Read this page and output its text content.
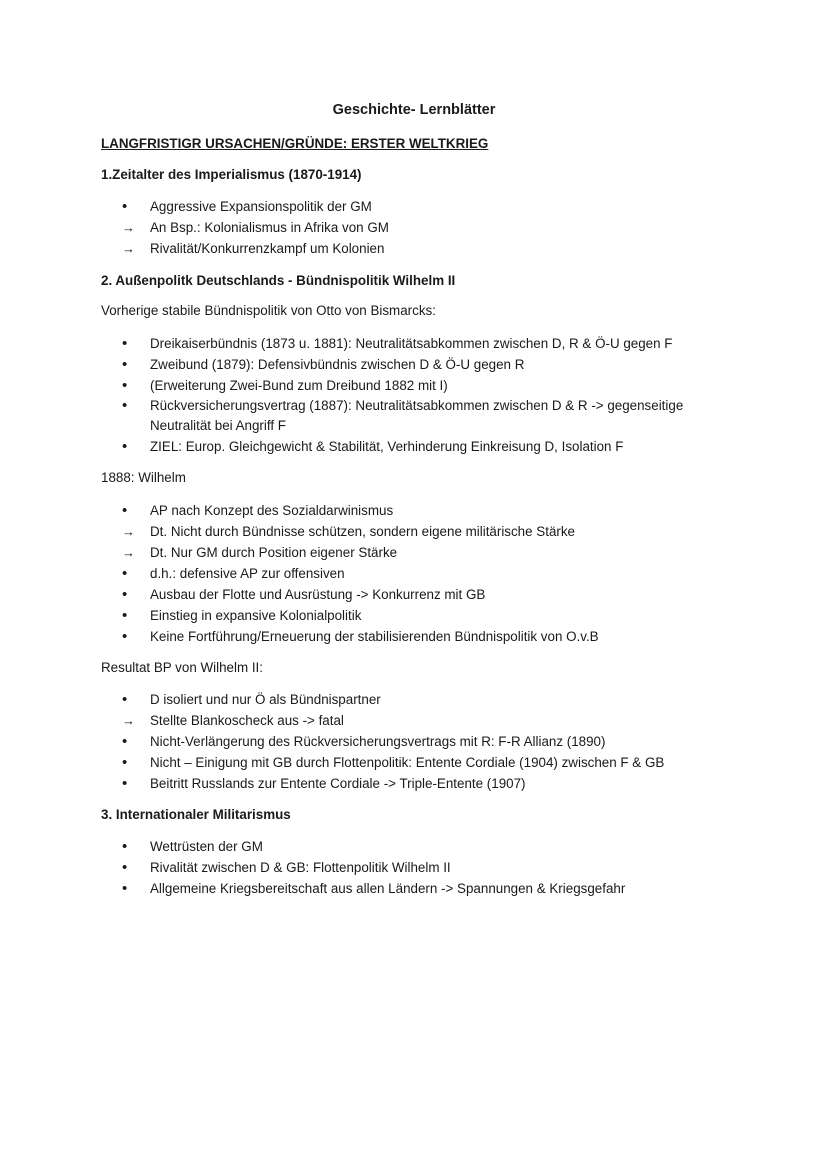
Geschichte- Lernblätter
LANGFRISTIGR URSACHEN/GRÜNDE: ERSTER WELTKRIEG
1.Zeitalter des Imperialismus (1870-1914)
•	Aggressive Expansionspolitik der GM
→ An Bsp.: Kolonialismus in Afrika von GM
→ Rivalität/Konkurrenzkampf um Kolonien
2. Außenpolitk Deutschlands - Bündnispolitik Wilhelm II
Vorherige stabile Bündnispolitik von Otto von Bismarcks:
•	Dreikaiserbündnis (1873 u. 1881): Neutralitätsabkommen zwischen D, R & Ö-U gegen F
•	Zweibund (1879): Defensivbündnis zwischen D & Ö-U gegen R
•	(Erweiterung Zwei-Bund zum Dreibund 1882 mit I)
•	Rückversicherungsvertrag (1887): Neutralitätsabkommen zwischen D & R -> gegenseitige Neutralität bei Angriff F
•	ZIEL: Europ. Gleichgewicht & Stabilität, Verhinderung Einkreisung D, Isolation F
1888: Wilhelm
•	AP nach Konzept des Sozialdarwinismus
→ Dt. Nicht durch Bündnisse schützen, sondern eigene militärische Stärke
→ Dt. Nur GM durch Position eigener Stärke
•	d.h.: defensive AP zur offensiven
•	Ausbau der Flotte und Ausrüstung -> Konkurrenz mit GB
•	Einstieg in expansive Kolonialpolitik
•	Keine Fortführung/Erneuerung der stabilisierenden Bündnispolitik von O.v.B
Resultat BP von Wilhelm II:
•	D isoliert und nur Ö als Bündnispartner
→ Stellte Blankoscheck aus -> fatal
•	Nicht-Verlängerung des Rückversicherungsvertrags mit R: F-R Allianz (1890)
•	Nicht – Einigung mit GB durch Flottenpolitik: Entente Cordiale (1904) zwischen F & GB
•	Beitritt Russlands zur Entente Cordiale -> Triple-Entente (1907)
3. Internationaler Militarismus
•	Wettrüsten der GM
•	Rivalität zwischen D & GB: Flottenpolitik Wilhelm II
•	Allgemeine Kriegsbereitschaft aus allen Ländern -> Spannungen & Kriegsgefahr
